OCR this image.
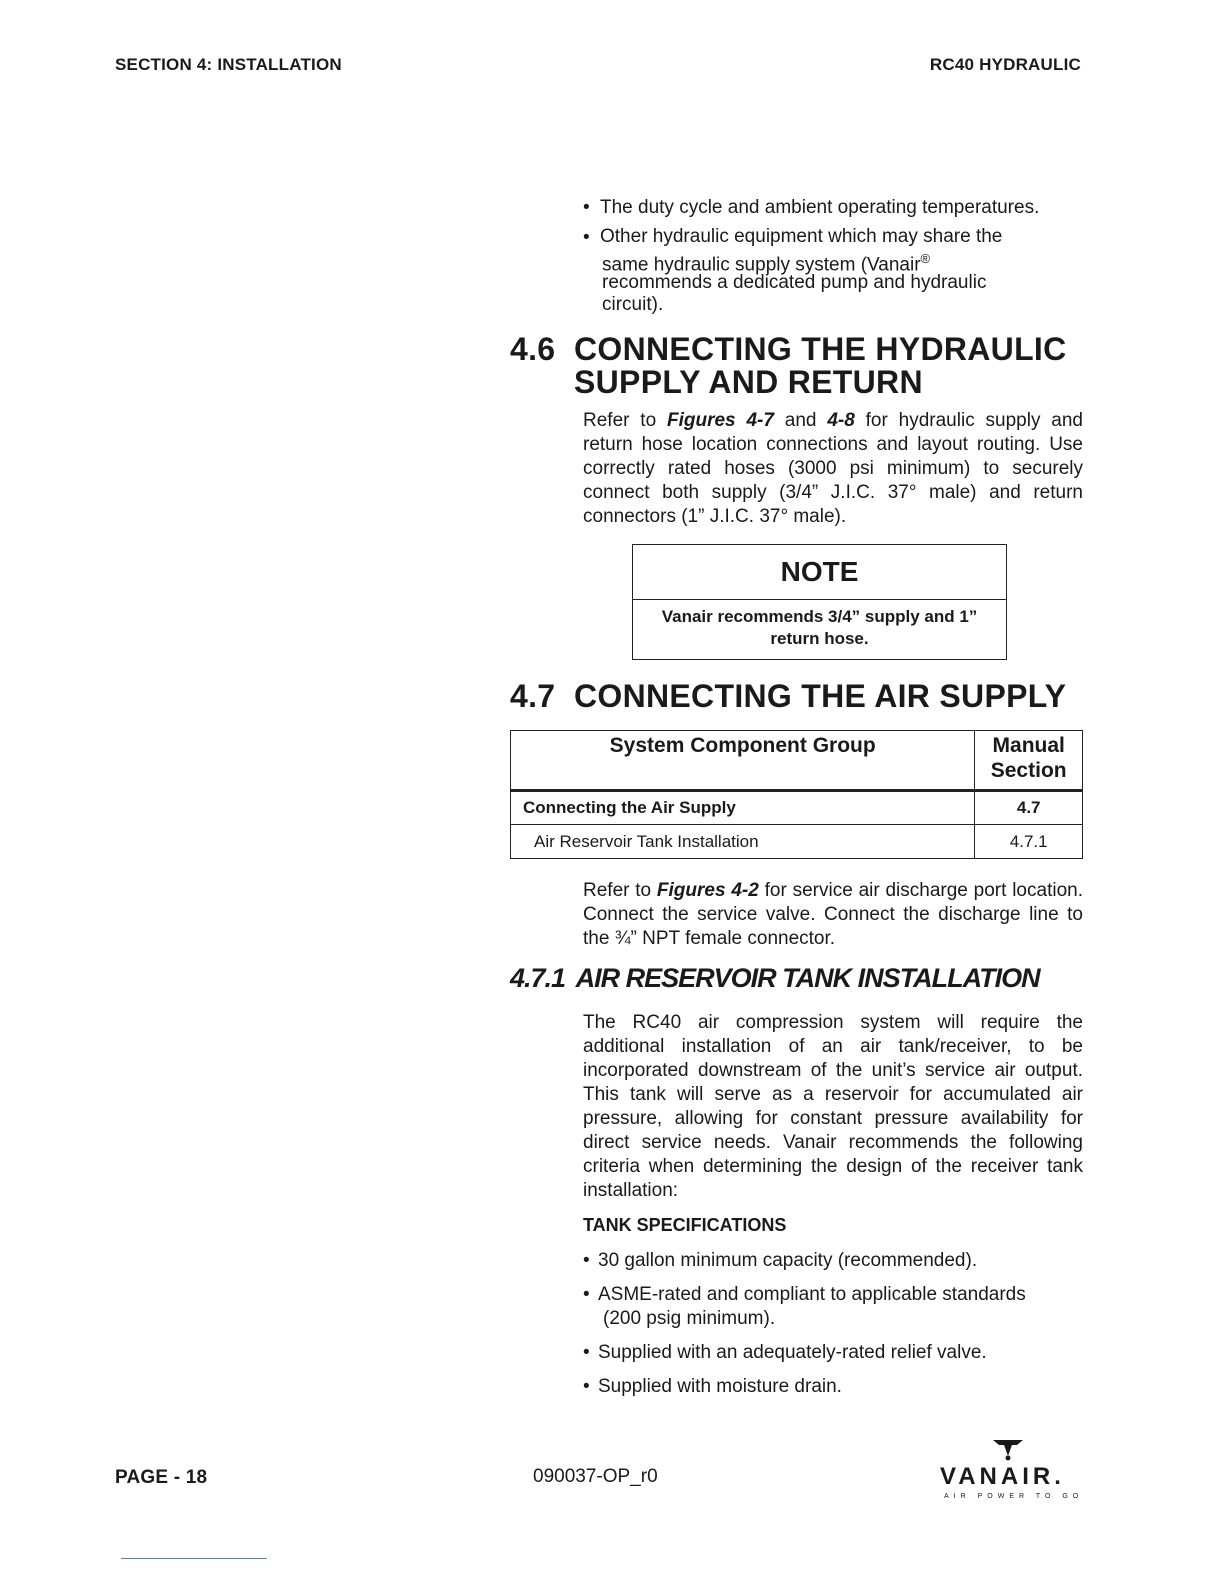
SECTION 4: INSTALLATION	RC40 HYDRAULIC
• The duty cycle and ambient operating temperatures.
• Other hydraulic equipment which may share the
same hydraulic supply system (Vanair®
recommends a dedicated pump and hydraulic
circuit).
4.6 CONNECTING THE HYDRAULIC SUPPLY AND RETURN
Refer to Figures 4-7 and 4-8 for hydraulic supply and return hose location connections and layout routing. Use correctly rated hoses (3000 psi minimum) to securely connect both supply (3/4” J.I.C. 37° male) and return connectors (1” J.I.C. 37° male).
NOTE
Vanair recommends 3/4” supply and 1” return hose.
4.7 CONNECTING THE AIR SUPPLY
System Component Group	Manual Section
Connecting the Air Supply	4.7
Air Reservoir Tank Installation	4.7.1
Refer to Figures 4-2 for service air discharge port location. Connect the service valve. Connect the discharge line to the ¾” NPT female connector.
4.7.1 AIR RESERVOIR TANK INSTALLATION
The RC40 air compression system will require the additional installation of an air tank/receiver, to be incorporated downstream of the unit’s service air output. This tank will serve as a reservoir for accumulated air pressure, allowing for constant pressure availability for direct service needs. Vanair recommends the following criteria when determining the design of the receiver tank installation:
TANK SPECIFICATIONS
• 30 gallon minimum capacity (recommended).
• ASME-rated and compliant to applicable standards
(200 psig minimum).
• Supplied with an adequately-rated relief valve.
• Supplied with moisture drain.
PAGE - 18	090037-OP_r0	VANAIR.
AIR POWER TO GO
